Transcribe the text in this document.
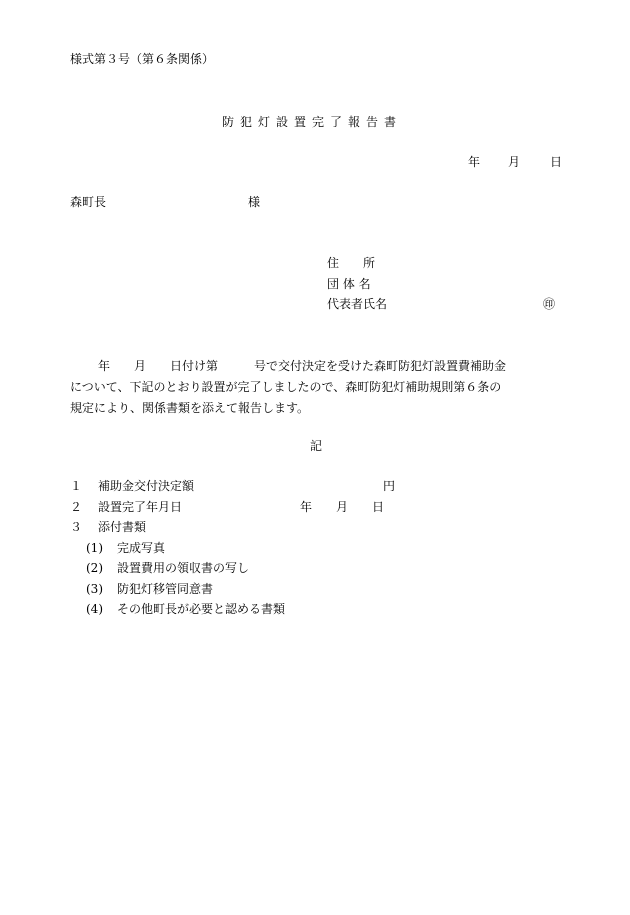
様式第３号（第６条関係）
防犯灯設置完了報告書
年 月	日
森町長	様
住　　所
団 体 名
代表者氏名	㊞
年　　月　　日付け第　　　号で交付決定を受けた森町防犯灯設置費補助金
について、下記のとおり設置が完了しましたので、森町防犯灯補助規則第６条の
規定により、関係書類を添えて報告します。
記
１ 補助金交付決定額	円
２ 設置完了年月日	年　　月　　日
３ 添付書類
(1) 完成写真
(2) 設置費用の領収書の写し
(3) 防犯灯移管同意書
(4) その他町長が必要と認める書類
